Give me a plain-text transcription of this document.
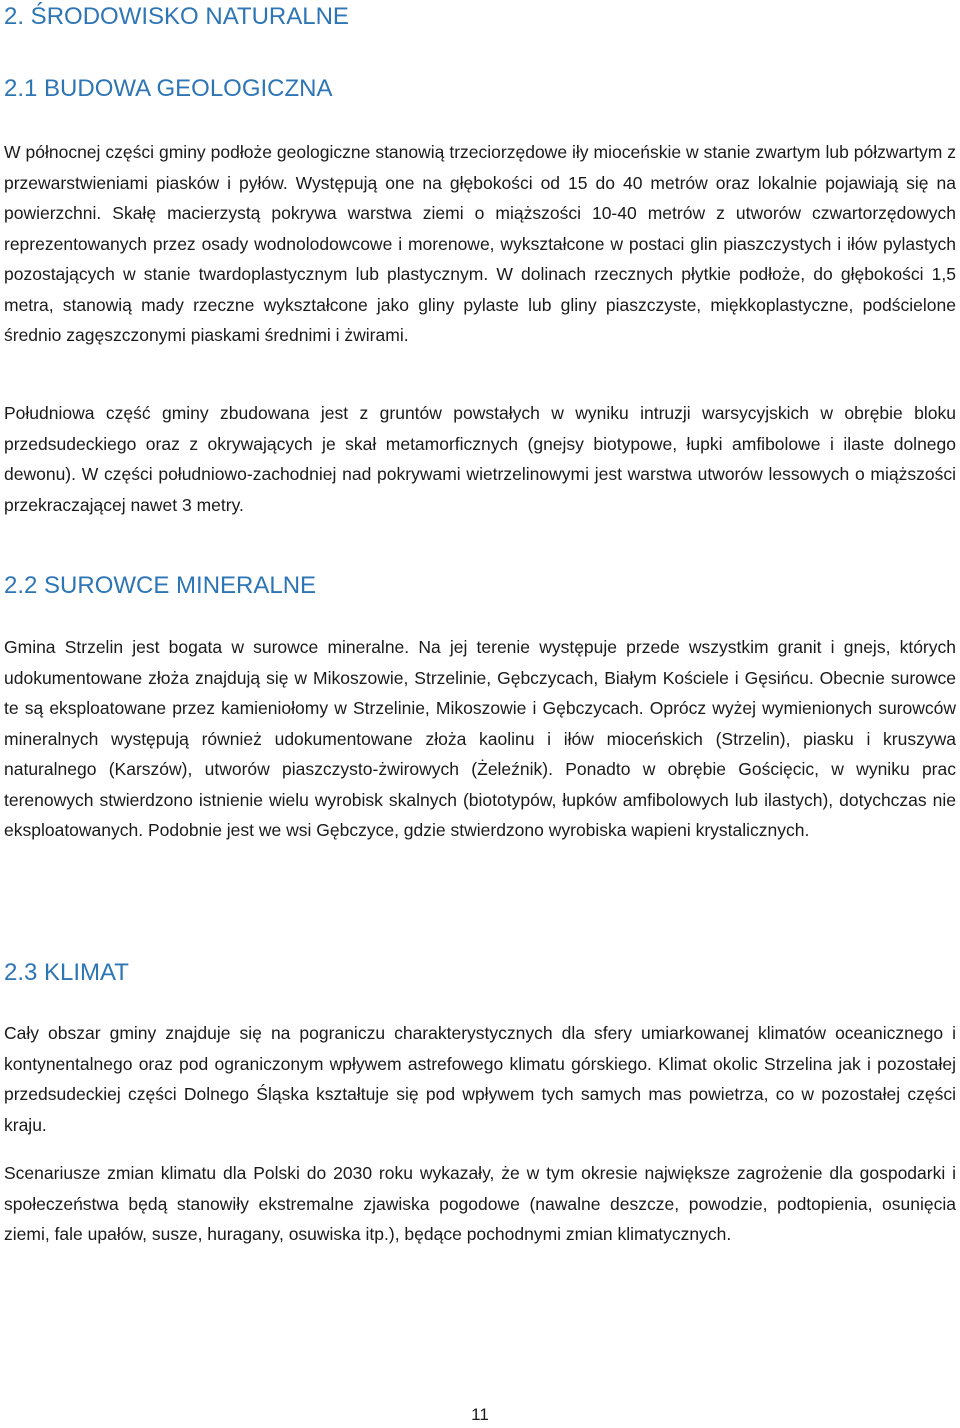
2. ŚRODOWISKO NATURALNE
2.1 BUDOWA GEOLOGICZNA

W północnej części gminy podłoże geologiczne stanowią trzeciorzędowe iły mioceńskie w stanie zwartym lub półzwartym z przewarstwieniami piasków i pyłów. Występują one na głębokości od 15 do 40 metrów oraz lokalnie pojawiają się na powierzchni. Skałę macierzystą pokrywa warstwa ziemi o miąższości 10-40 metrów z utworów czwartorzędowych reprezentowanych przez osady wodnolodowcowe i morenowe, wykształcone w postaci glin piaszczystych i iłów pylastych pozostających w stanie twardoplastycznym lub plastycznym. W dolinach rzecznych płytkie podłoże, do głębokości 1,5 metra, stanowią mady rzeczne wykształcone jako gliny pylaste lub gliny piaszczyste, miękkoplastyczne, podścielone średnio zagęszczonymi piaskami średnimi i żwirami.

Południowa część gminy zbudowana jest z gruntów powstałych w wyniku intruzji warsycyjskich w obrębie bloku przedsudeckiego oraz z okrywających je skał metamorficznych (gnejsy biotypowe, łupki amfibolowe i ilaste dolnego dewonu). W części południowo-zachodniej nad pokrywami wietrzelinowymi jest warstwa utworów lessowych o miąższości przekraczającej nawet 3 metry.

2.2 SUROWCE MINERALNE

Gmina Strzelin jest bogata w surowce mineralne. Na jej terenie występuje przede wszystkim granit i gnejs, których udokumentowane złoża znajdują się w Mikoszowie, Strzelinie, Gębczycach, Białym Kościele i Gęsińcu. Obecnie surowce te są eksploatowane przez kamieniołomy w Strzelinie, Mikoszowie i Gębczycach. Oprócz wyżej wymienionych surowców mineralnych występują również udokumentowane złoża kaolinu i iłów mioceńskich (Strzelin), piasku i kruszywa naturalnego (Karszów), utworów piaszczysto-żwirowych (Żeleźnik). Ponadto w obrębie Gościęcic, w wyniku prac terenowych stwierdzono istnienie wielu wyrobisk skalnych (biototypów, łupków amfibolowych lub ilastych), dotychczas nie eksploatowanych. Podobnie jest we wsi Gębczyce, gdzie stwierdzono wyrobiska wapieni krystalicznych.

2.3 KLIMAT

Cały obszar gminy znajduje się na pograniczu charakterystycznych dla sfery umiarkowanej klimatów oceanicznego i kontynentalnego oraz pod ograniczonym wpływem astrefowego klimatu górskiego. Klimat okolic Strzelina jak i pozostałej przedsudeckiej części Dolnego Śląska kształtuje się pod wpływem tych samych mas powietrza, co w pozostałej części kraju.

Scenariusze zmian klimatu dla Polski do 2030 roku wykazały, że w tym okresie największe zagrożenie dla gospodarki i społeczeństwa będą stanowiły ekstremalne zjawiska pogodowe (nawalne deszcze, powodzie, podtopienia, osunięcia ziemi, fale upałów, susze, huragany, osuwiska itp.), będące pochodnymi zmian klimatycznych.

11
